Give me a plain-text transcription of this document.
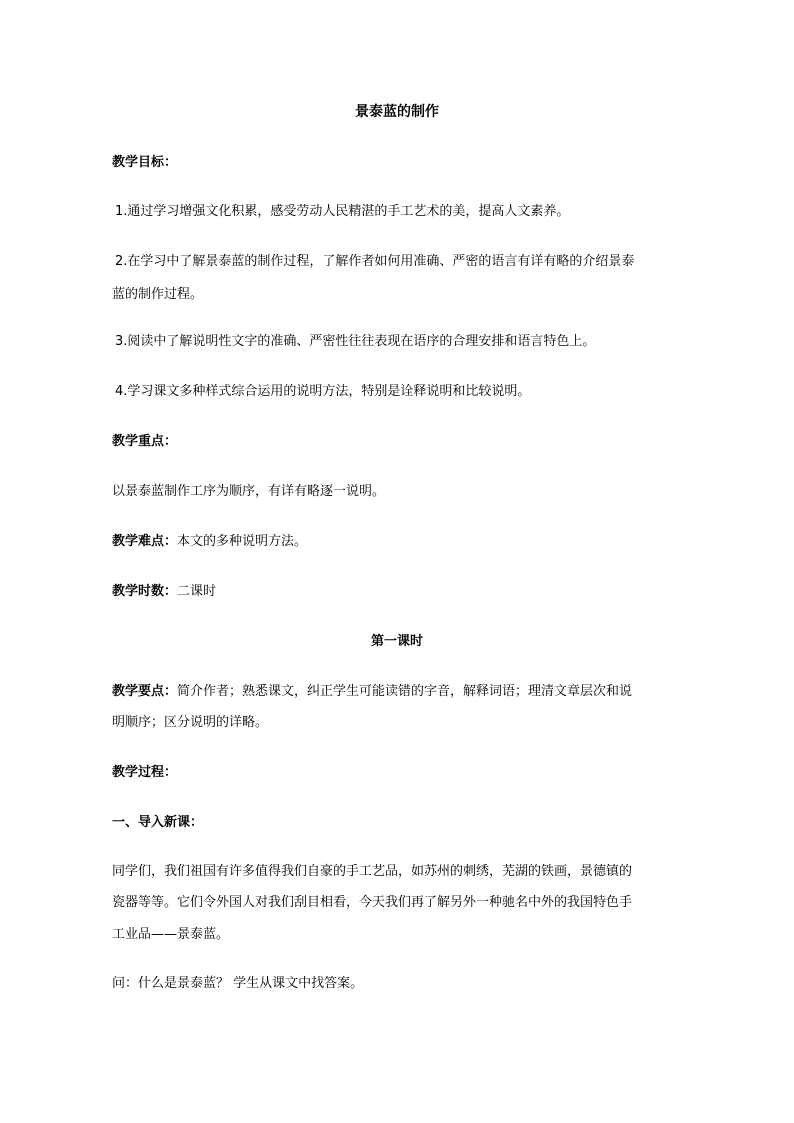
景泰蓝的制作
教学目标：
1.通过学习增强文化积累，感受劳动人民精湛的手工艺术的美，提高人文素养。
2.在学习中了解景泰蓝的制作过程，了解作者如何用准确、严密的语言有详有略的介绍景泰
蓝的制作过程。
3.阅读中了解说明性文字的准确、严密性往往表现在语序的合理安排和语言特色上。
4.学习课文多种样式综合运用的说明方法，特别是诠释说明和比较说明。
教学重点：
以景泰蓝制作工序为顺序，有详有略逐一说明。
教学难点：本文的多种说明方法。
教学时数：二课时
第一课时
教学要点：简介作者；熟悉课文，纠正学生可能读错的字音，解释词语；理清文章层次和说
明顺序；区分说明的详略。
教学过程：
一、导入新课：
同学们，我们祖国有许多值得我们自豪的手工艺品，如苏州的刺绣，芜湖的铁画，景德镇的
瓷器等等。它们令外国人对我们刮目相看，今天我们再了解另外一种驰名中外的我国特色手
工业品——景泰蓝。
问：什么是景泰蓝？ 学生从课文中找答案。
